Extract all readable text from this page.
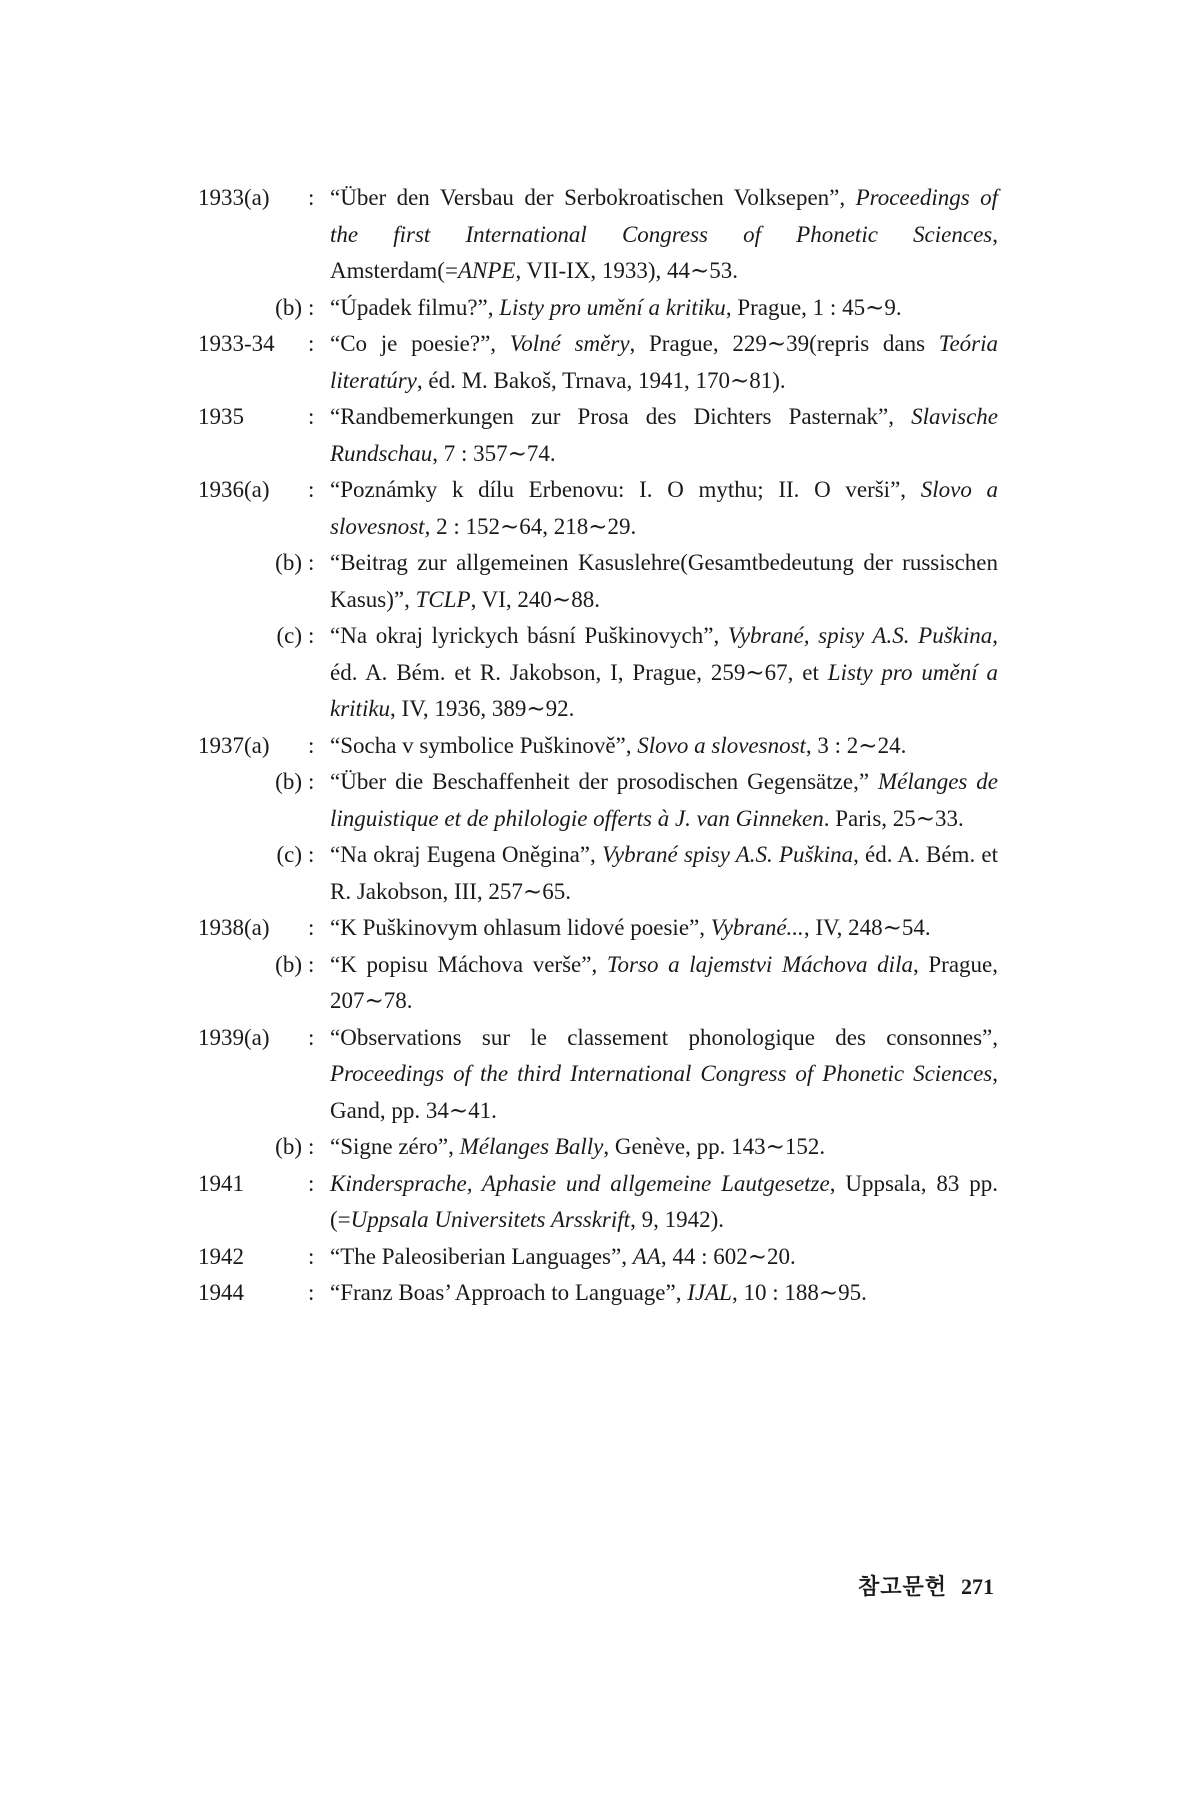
1933(a)	: “Über den Versbau der Serbokroatischen Volksepen”, Proceedings of the first International Congress of Phonetic Sciences, Amsterdam(=ANPE, VII-IX, 1933), 44∼53.
(b) : “Úpadek filmu?”, Listy pro umění a kritiku, Prague, 1 : 45∼9.
1933-34	: “Co je poesie?”, Volné směry, Prague, 229∼39(repris dans Teória literatúry, éd. M. Bakoš, Trnava, 1941, 170∼81).
1935	: “Randbemerkungen zur Prosa des Dichters Pasternak”, Slavische Rundschau, 7 : 357∼74.
1936(a)	: “Poznámky k dílu Erbenovu: I. O mythu; II. O verši”, Slovo a slovesnost, 2 : 152∼64, 218∼29.
(b) : “Beitrag zur allgemeinen Kasuslehre(Gesamtbedeutung der russischen Kasus)”, TCLP, VI, 240∼88.
(c) : “Na okraj lyrickych básní Puškinovych”, Vybrané, spisy A.S. Puškina, éd. A. Bém. et R. Jakobson, I, Prague, 259∼67, et Listy pro umění a kritiku, IV, 1936, 389∼92.
1937(a)	: “Socha v symbolice Puškinově”, Slovo a slovesnost, 3 : 2∼24.
(b) : “Über die Beschaffenheit der prosodischen Gegensätze,” Mélanges de linguistique et de philologie offerts à J. van Ginneken. Paris, 25∼33.
(c) : “Na okraj Eugena Oněgina”, Vybrané spisy A.S. Puškina, éd. A. Bém. et R. Jakobson, III, 257∼65.
1938(a)	: “K Puškinovym ohlasum lidové poesie”, Vybrané..., IV, 248∼54.
(b) : “K popisu Máchova verše”, Torso a lajemstvi Máchova dila, Prague, 207∼78.
1939(a)	: “Observations sur le classement phonologique des consonnes”, Proceedings of the third International Congress of Phonetic Sciences, Gand, pp. 34∼41.
(b) : “Signe zéro”, Mélanges Bally, Genève, pp. 143∼152.
1941	: Kindersprache, Aphasie und allgemeine Lautgesetze, Uppsala, 83 pp. (=Uppsala Universitets Arsskrift, 9, 1942).
1942	: “The Paleosiberian Languages”, AA, 44 : 602∼20.
1944	: “Franz Boas’ Approach to Language”, IJAL, 10 : 188∼95.
참고문헌 271
